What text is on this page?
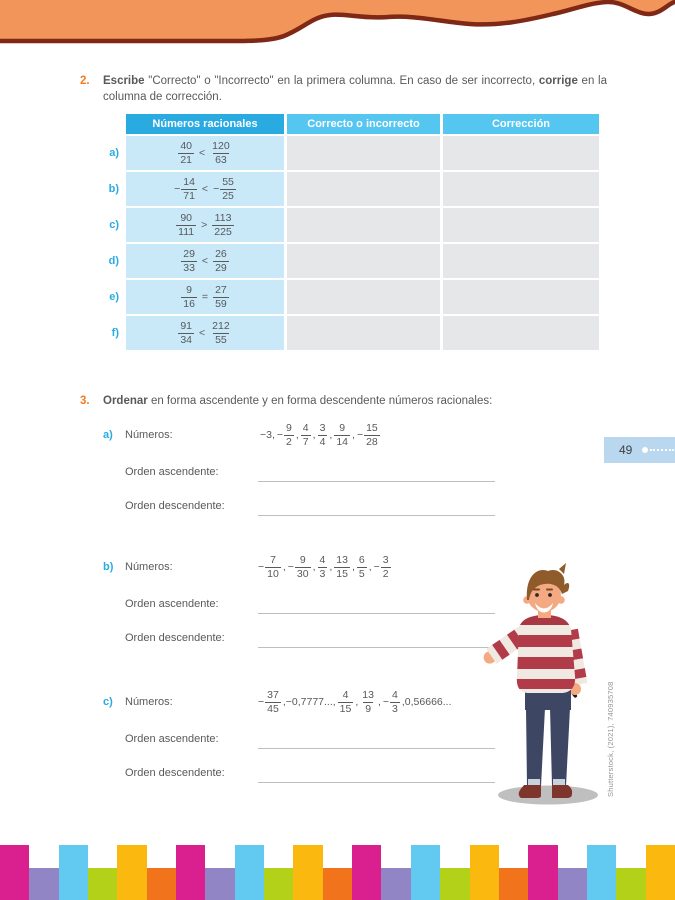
2.	Escribe "Correcto" o "Incorrecto" en la primera columna. En caso de ser incorrecto, corrige en la columna de corrección.
Números racionales	Correcto o incorrecto	Corrección
a)	$\frac{40}{21} < \frac{120}{63}$
b)	− $\frac{14}{71}$ < − $\frac{55}{25}$
c)	$\frac{90}{111} > \frac{113}{225}$
d)	$\frac{29}{33} < \frac{26}{29}$
e)	$\frac{9}{16} = \frac{27}{59}$
f)	$\frac{91}{34} < \frac{212}{55}$
3.	Ordenar en forma ascendente y en forma descendente números racionales:
a)	Números:	−3, − $\frac{9}{2}$ , $\frac{4}{7}$ , $\frac{3}{4}$ , $\frac{9}{14}$ , − $\frac{15}{28}$
Orden ascendente:
Orden descendente:
b)	Números:	− $\frac{7}{10}$ , − $\frac{9}{30}$ , $\frac{4}{3}$ , $\frac{13}{15}$ , $\frac{6}{5}$ , − $\frac{3}{2}$
Orden ascendente:
Orden descendente:
c)	Números:	− $\frac{37}{45} ,-0,7777$..., $\frac{4}{15}$ , $\frac{13}{9}$ , − $\frac{4}{3} ,0,56666$...
Orden ascendente:
Orden descendente:
49
Shutterstock, (2021), 740935708
